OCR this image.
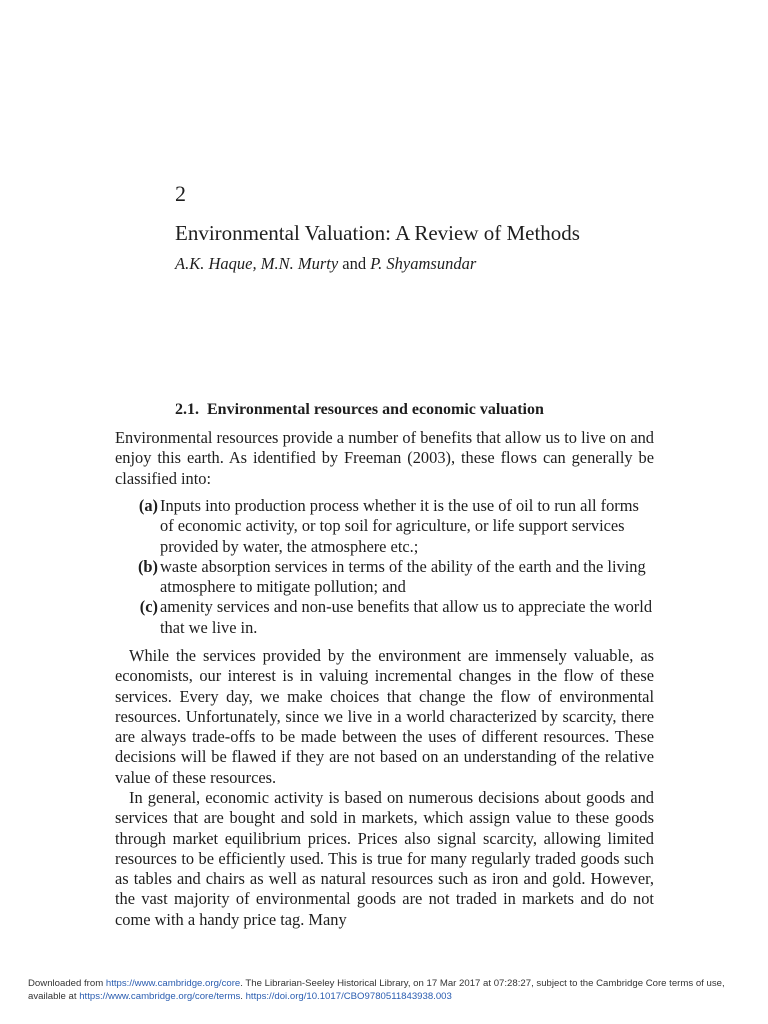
2
Environmental Valuation: A Review of Methods
A.K. Haque, M.N. Murty and P. Shyamsundar
2.1. Environmental resources and economic valuation

Environmental resources provide a number of benefits that allow us to live on and enjoy this earth. As identified by Freeman (2003), these flows can generally be classified into:

(a) Inputs into production process whether it is the use of oil to run all forms of economic activity, or top soil for agriculture, or life support services provided by water, the atmosphere etc.;
(b) waste absorption services in terms of the ability of the earth and the living atmosphere to mitigate pollution; and
(c) amenity services and non-use benefits that allow us to appreciate the world that we live in.

While the services provided by the environment are immensely valuable, as economists, our interest is in valuing incremental changes in the flow of these services. Every day, we make choices that change the flow of environmental resources. Unfortunately, since we live in a world characterized by scarcity, there are always trade-offs to be made between the uses of different resources. These decisions will be flawed if they are not based on an understanding of the relative value of these resources.

In general, economic activity is based on numerous decisions about goods and services that are bought and sold in markets, which assign value to these goods through market equilibrium prices. Prices also signal scarcity, allowing limited resources to be efficiently used. This is true for many regularly traded goods such as tables and chairs as well as natural resources such as iron and gold. However, the vast majority of environmental goods are not traded in markets and do not come with a handy price tag. Many

Downloaded from https://www.cambridge.org/core. The Librarian-Seeley Historical Library, on 17 Mar 2017 at 07:28:27, subject to the Cambridge Core terms of use, available at https://www.cambridge.org/core/terms. https://doi.org/10.1017/CBO9780511843938.003
